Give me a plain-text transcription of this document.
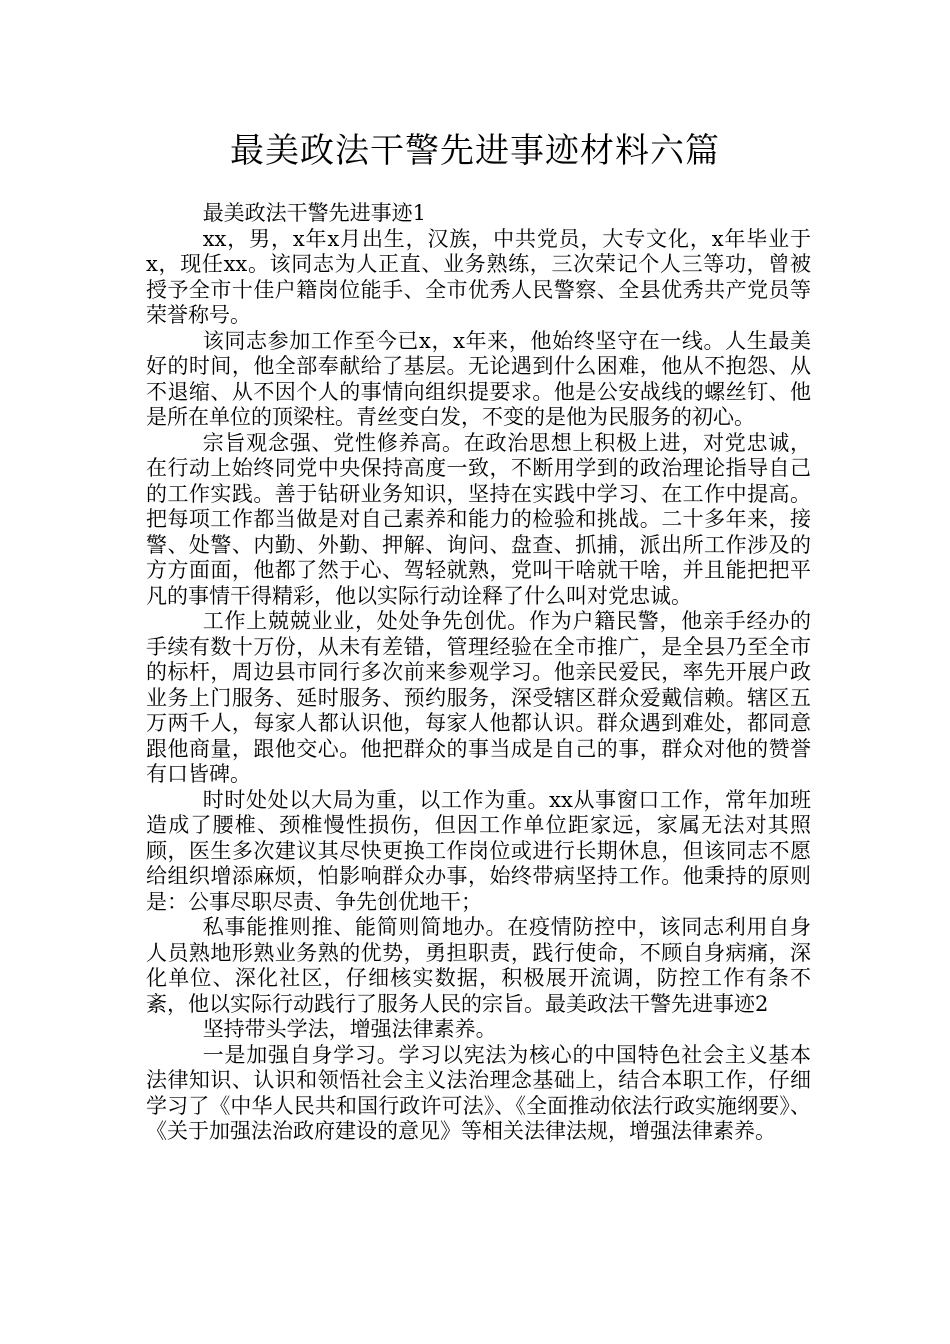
最美政法干警先进事迹材料六篇

最美政法干警先进事迹1

xx，男，x年x月出生，汉族，中共党员，大专文化，x年毕业于x，现任xx。该同志为人正直、业务熟练，三次荣记个人三等功，曾被授予全市十佳户籍岗位能手、全市优秀人民警察、全县优秀共产党员等荣誉称号。

该同志参加工作至今已x，x年来，他始终坚守在一线。人生最美好的时间，他全部奉献给了基层。无论遇到什么困难，他从不抱怨、从不退缩、从不因个人的事情向组织提要求。他是公安战线的螺丝钉、他是所在单位的顶梁柱。青丝变白发，不变的是他为民服务的初心。

宗旨观念强、党性修养高。在政治思想上积极上进，对党忠诚，在行动上始终同党中央保持高度一致，不断用学到的政治理论指导自己的工作实践。善于钻研业务知识，坚持在实践中学习、在工作中提高。把每项工作都当做是对自己素养和能力的检验和挑战。二十多年来，接警、处警、内勤、外勤、押解、询问、盘查、抓捕，派出所工作涉及的方方面面，他都了然于心、驾轻就熟，党叫干啥就干啥，并且能把把平凡的事情干得精彩，他以实际行动诠释了什么叫对党忠诚。

工作上兢兢业业，处处争先创优。作为户籍民警，他亲手经办的手续有数十万份，从未有差错，管理经验在全市推广，是全县乃至全市的标杆，周边县市同行多次前来参观学习。他亲民爱民，率先开展户政业务上门服务、延时服务、预约服务，深受辖区群众爱戴信赖。辖区五万两千人，每家人都认识他，每家人他都认识。群众遇到难处，都同意跟他商量，跟他交心。他把群众的事当成是自己的事，群众对他的赞誉有口皆碑。

时时处处以大局为重，以工作为重。xx从事窗口工作，常年加班造成了腰椎、颈椎慢性损伤，但因工作单位距家远，家属无法对其照顾，医生多次建议其尽快更换工作岗位或进行长期休息，但该同志不愿给组织增添麻烦，怕影响群众办事，始终带病坚持工作。他秉持的原则是：公事尽职尽责、争先创优地干；

私事能推则推、能简则简地办。在疫情防控中，该同志利用自身人员熟地形熟业务熟的优势，勇担职责，践行使命，不顾自身病痛，深化单位、深化社区，仔细核实数据，积极展开流调，防控工作有条不紊，他以实际行动践行了服务人民的宗旨。最美政法干警先进事迹2

坚持带头学法，增强法律素养。

一是加强自身学习。学习以宪法为核心的中国特色社会主义基本法律知识、认识和领悟社会主义法治理念基础上，结合本职工作，仔细学习了《中华人民共和国行政许可法》、《全面推动依法行政实施纲要》、《关于加强法治政府建设的意见》等相关法律法规，增强法律素养。
